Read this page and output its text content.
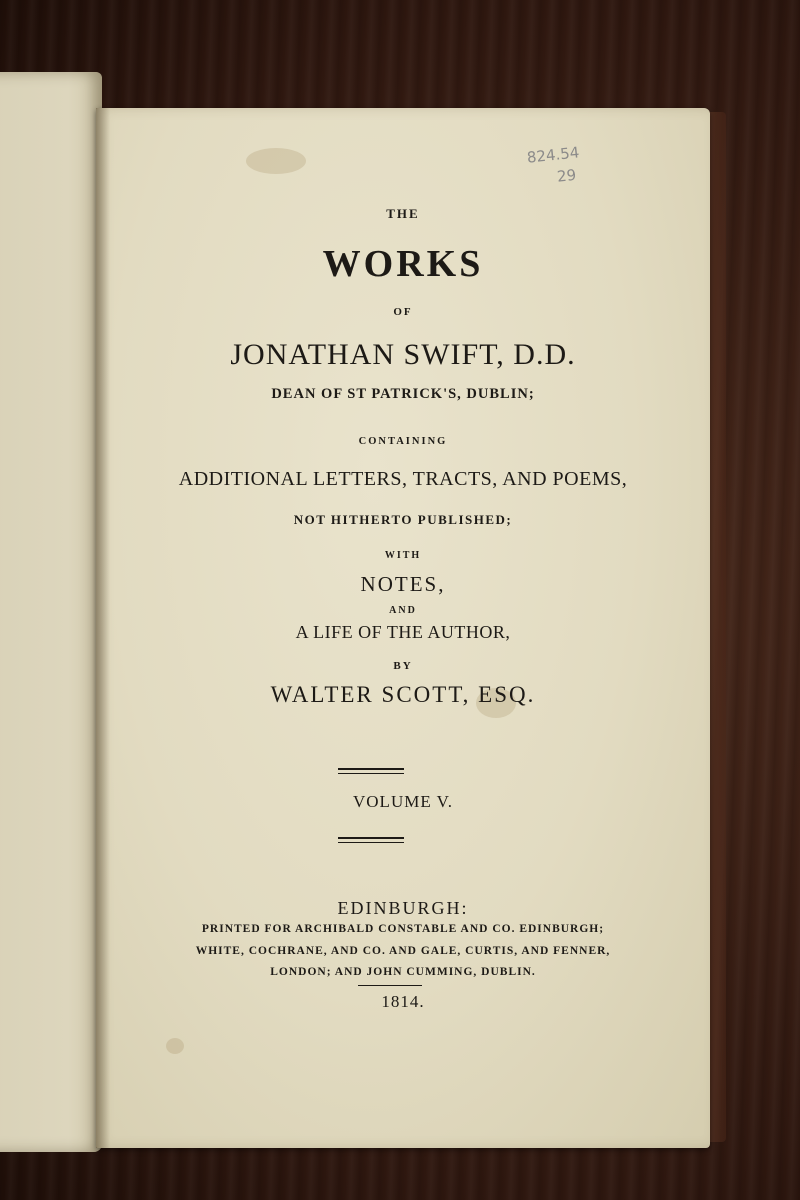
824.54
29
THE
WORKS
OF
JONATHAN SWIFT, D.D.
DEAN OF ST PATRICK'S, DUBLIN;
CONTAINING
ADDITIONAL LETTERS, TRACTS, AND POEMS,
NOT HITHERTO PUBLISHED;
WITH
NOTES,
AND
A LIFE OF THE AUTHOR,
BY
WALTER SCOTT, ESQ.
VOLUME V.
EDINBURGH:
PRINTED FOR ARCHIBALD CONSTABLE AND CO. EDINBURGH;
WHITE, COCHRANE, AND CO. AND GALE, CURTIS, AND FENNER,
LONDON; AND JOHN CUMMING, DUBLIN.
1814.
